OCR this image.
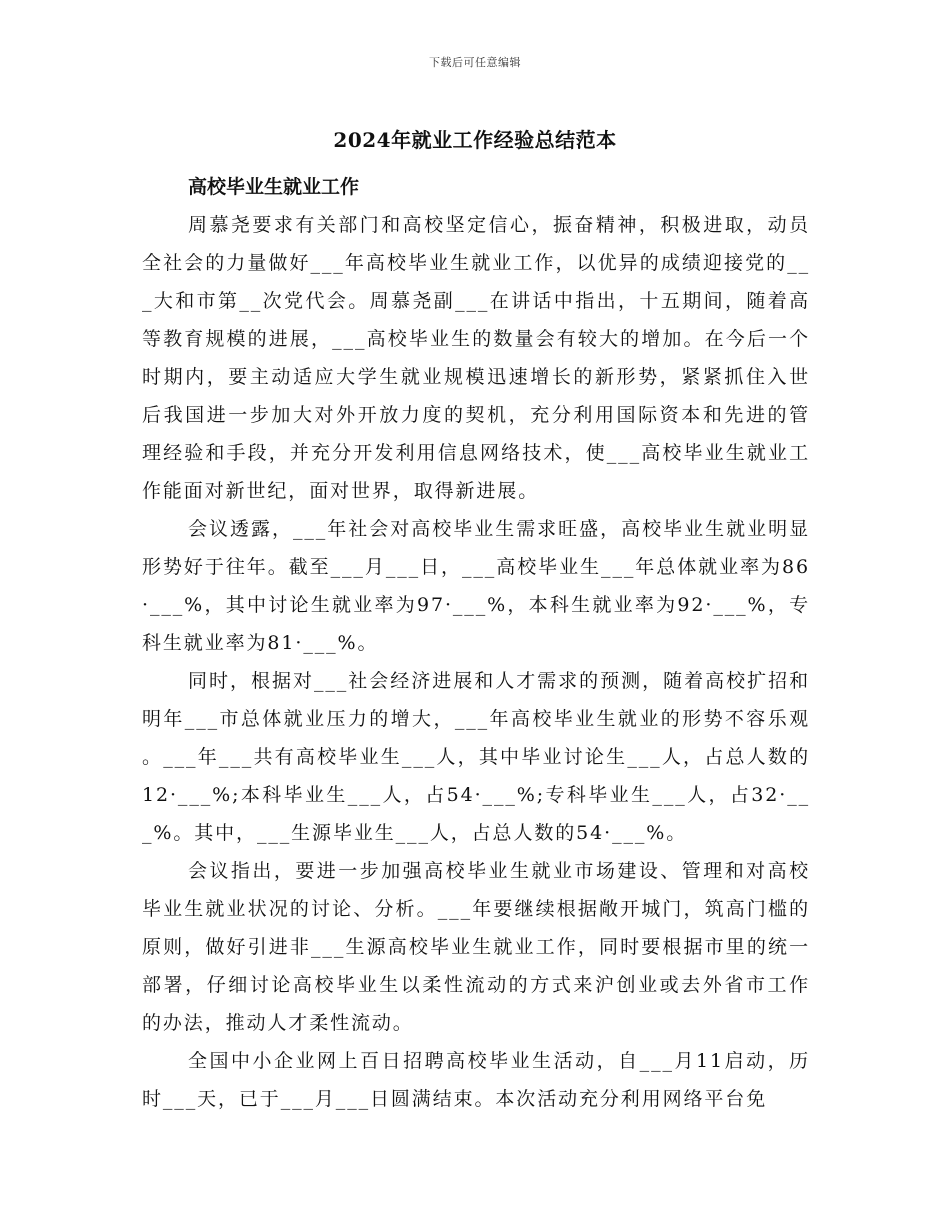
下载后可任意编辑
2024年就业工作经验总结范本

高校毕业生就业工作

周慕尧要求有关部门和高校坚定信心，振奋精神，积极进取，动员全社会的力量做好___年高校毕业生就业工作，以优异的成绩迎接党的___大和市第__次党代会。周慕尧副___在讲话中指出，十五期间，随着高等教育规模的进展，___高校毕业生的数量会有较大的增加。在今后一个时期内，要主动适应大学生就业规模迅速增长的新形势，紧紧抓住入世后我国进一步加大对外开放力度的契机，充分利用国际资本和先进的管理经验和手段，并充分开发利用信息网络技术，使___高校毕业生就业工作能面对新世纪，面对世界，取得新进展。

会议透露，___年社会对高校毕业生需求旺盛，高校毕业生就业明显形势好于往年。截至___月___日，___高校毕业生___年总体就业率为86·___%，其中讨论生就业率为97·___%，本科生就业率为92·___%，专科生就业率为81·___%。

同时，根据对___社会经济进展和人才需求的预测，随着高校扩招和明年___市总体就业压力的增大，___年高校毕业生就业的形势不容乐观。___年___共有高校毕业生___人，其中毕业讨论生___人，占总人数的12·___%;本科毕业生___人，占54·___%;专科毕业生___人，占32·___%。其中，___生源毕业生___人，占总人数的54·___%。

会议指出，要进一步加强高校毕业生就业市场建设、管理和对高校毕业生就业状况的讨论、分析。___年要继续根据敞开城门，筑高门槛的原则，做好引进非___生源高校毕业生就业工作，同时要根据市里的统一部署，仔细讨论高校毕业生以柔性流动的方式来沪创业或去外省市工作的办法，推动人才柔性流动。

全国中小企业网上百日招聘高校毕业生活动，自___月11启动，历时___天，已于___月___日圆满结束。本次活动充分利用网络平台免
